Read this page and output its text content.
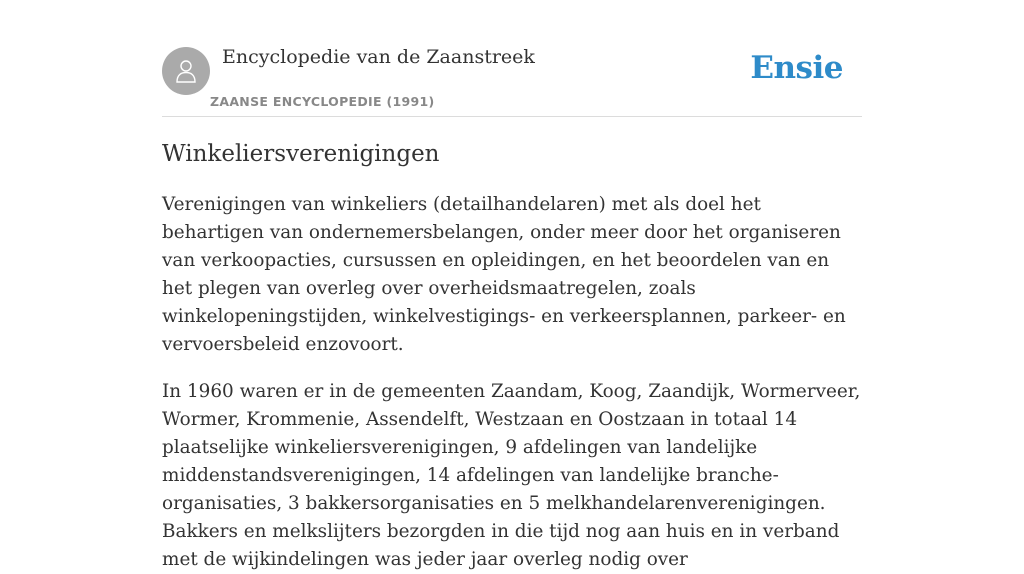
Encyclopedie van de Zaanstreek
ZAANSE ENCYCLOPEDIE (1991)
Ensie
Winkeliersverenigingen

Verenigingen van winkeliers (detailhandelaren) met als doel het behartigen van ondernemersbelangen, onder meer door het organiseren van verkoopacties, cursussen en opleidingen, en het beoordelen van en het plegen van overleg over overheidsmaatregelen, zoals winkelopeningstijden, winkelvestigings- en verkeersplannen, parkeer- en vervoersbeleid enzovoort.

In 1960 waren er in de gemeenten Zaandam, Koog, Zaandijk, Wormerveer, Wormer, Krommenie, Assendelft, Westzaan en Oostzaan in totaal 14 plaatselijke winkeliersverenigingen, 9 afdelingen van landelijke middenstandsverenigingen, 14 afdelingen van landelijke branche-organisaties, 3 bakkersorganisaties en 5 melkhandelarenverenigingen. Bakkers en melkslijters bezorgden in die tijd nog aan huis en in verband met de wijkindelingen was jeder jaar overleg nodig over
